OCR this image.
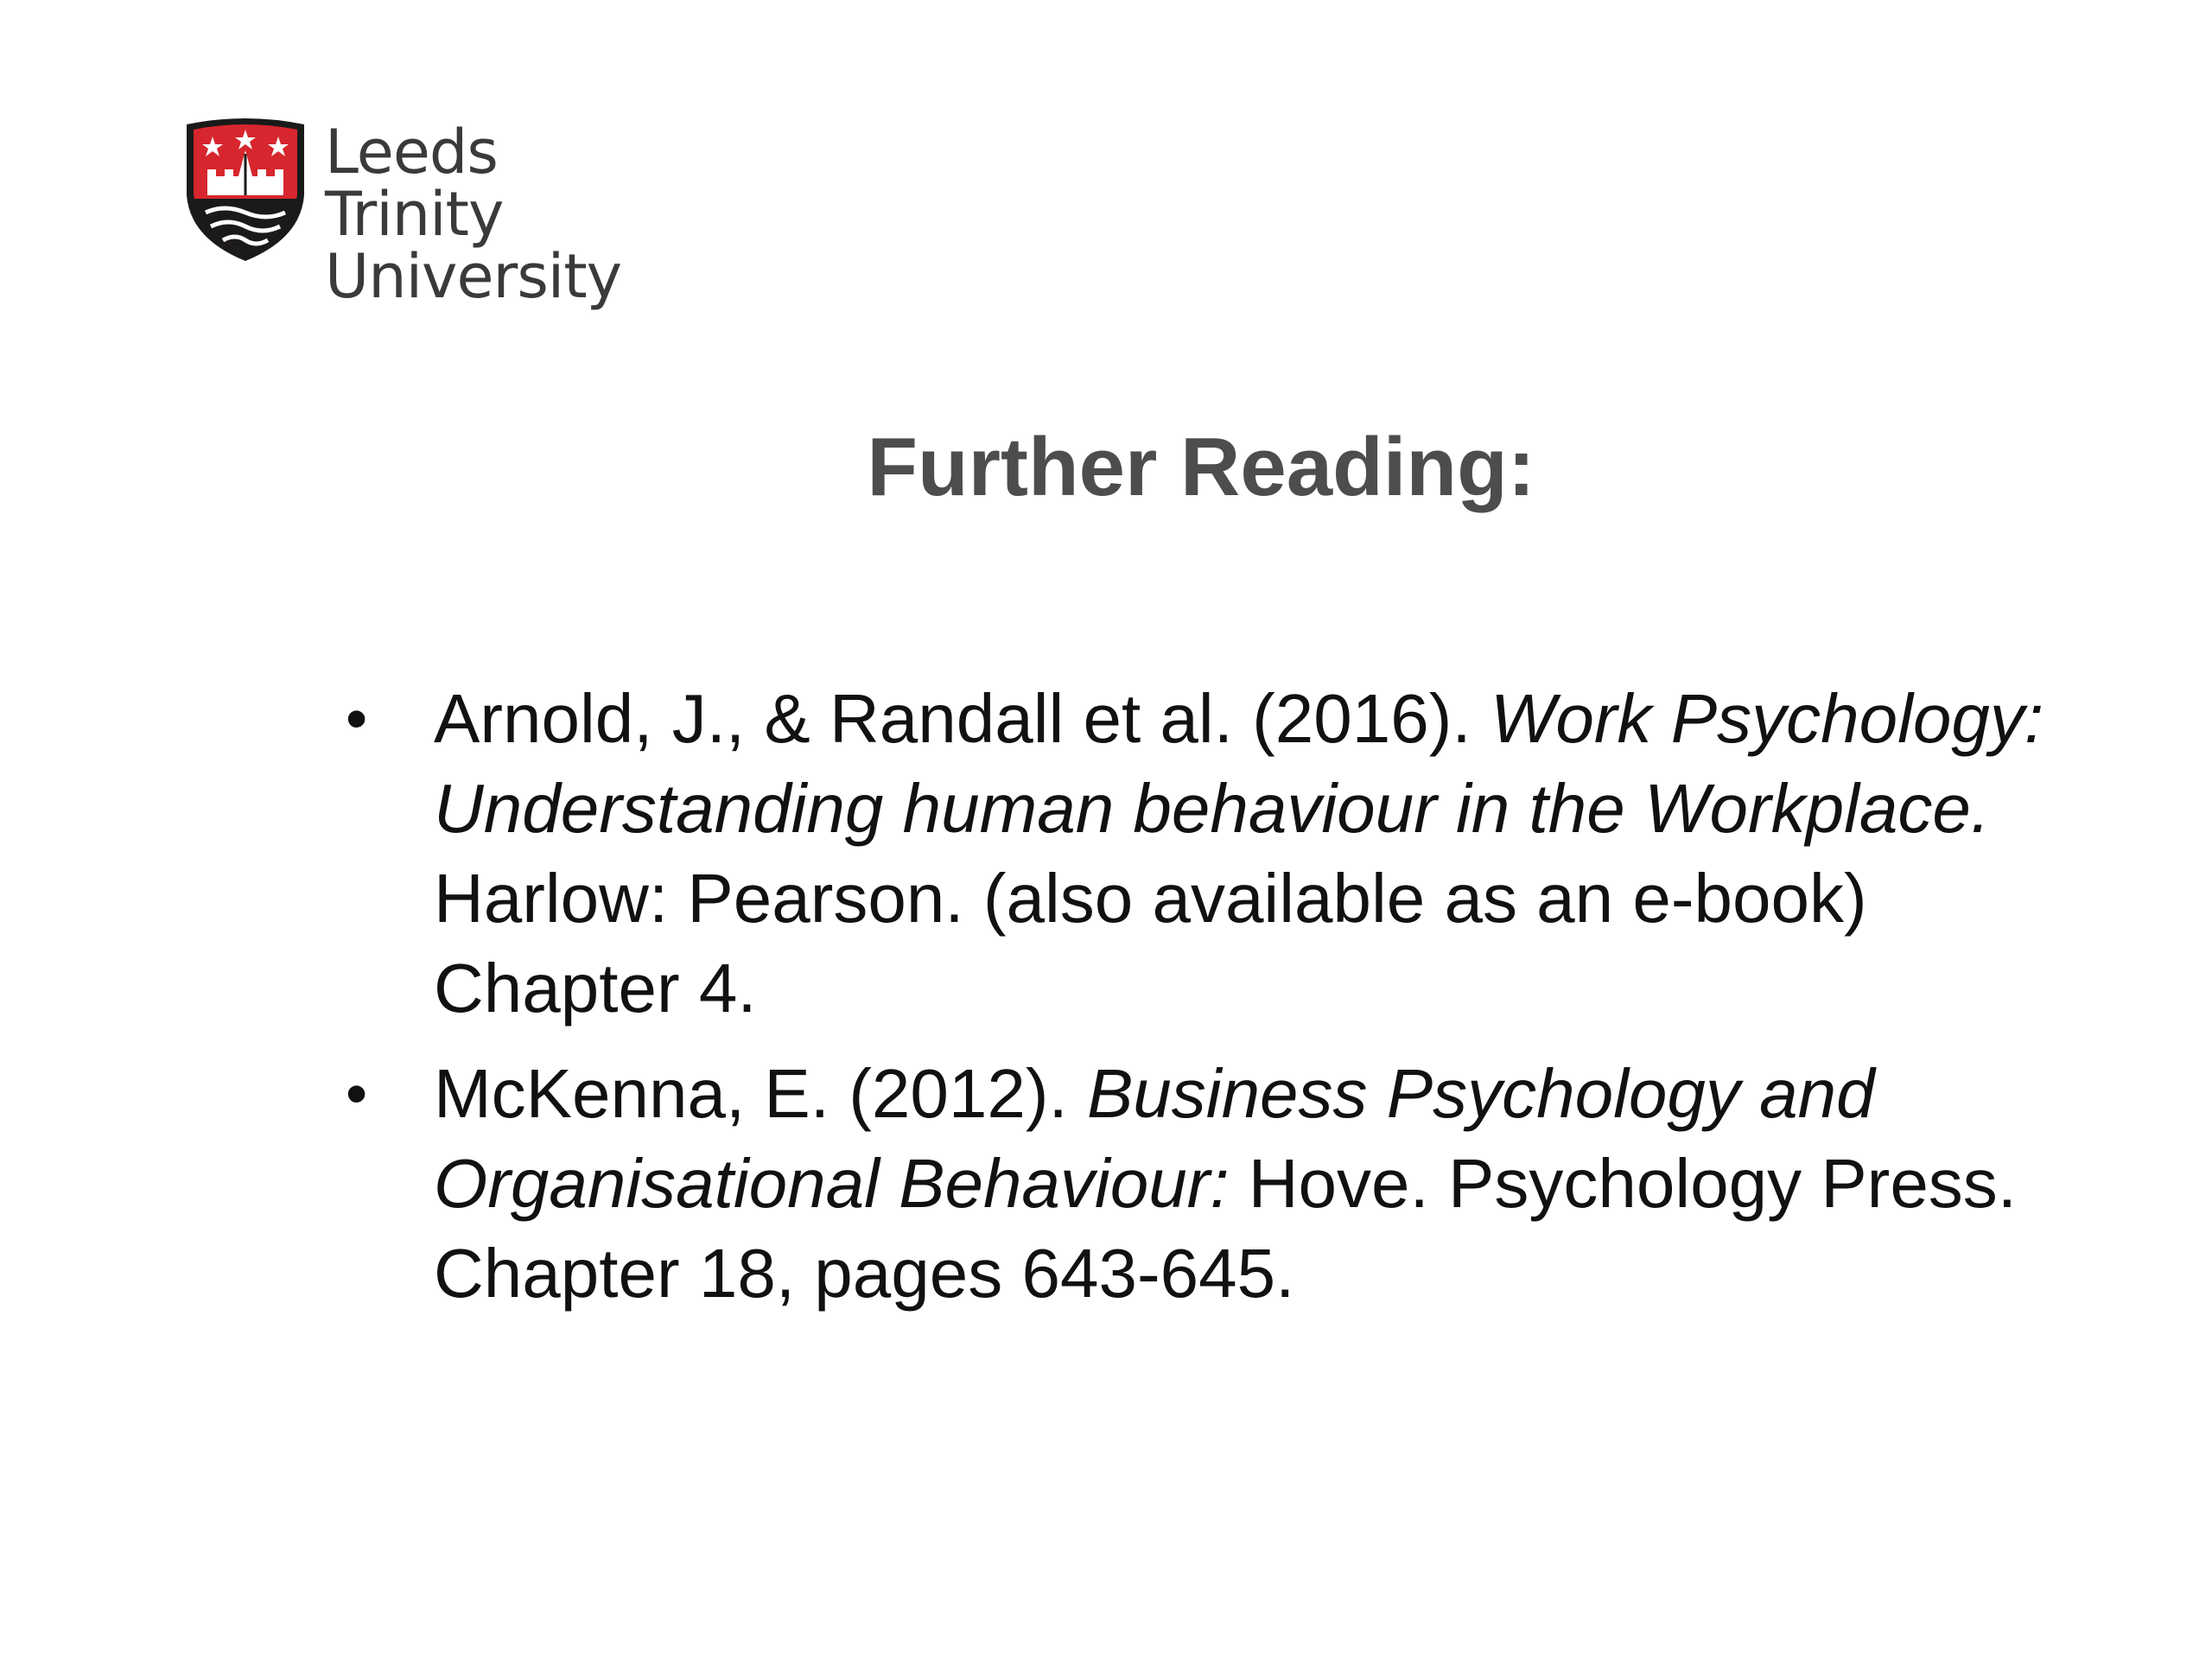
Leeds Trinity
University
Further Reading:
• Arnold, J., & Randall et al. (2016). Work Psychology: Understanding human behaviour in the Workplace. Harlow: Pearson. (also available as an e-book) Chapter 4.
• McKenna, E. (2012). Business Psychology and Organisational Behaviour: Hove. Psychology Press. Chapter 18, pages 643-645.
